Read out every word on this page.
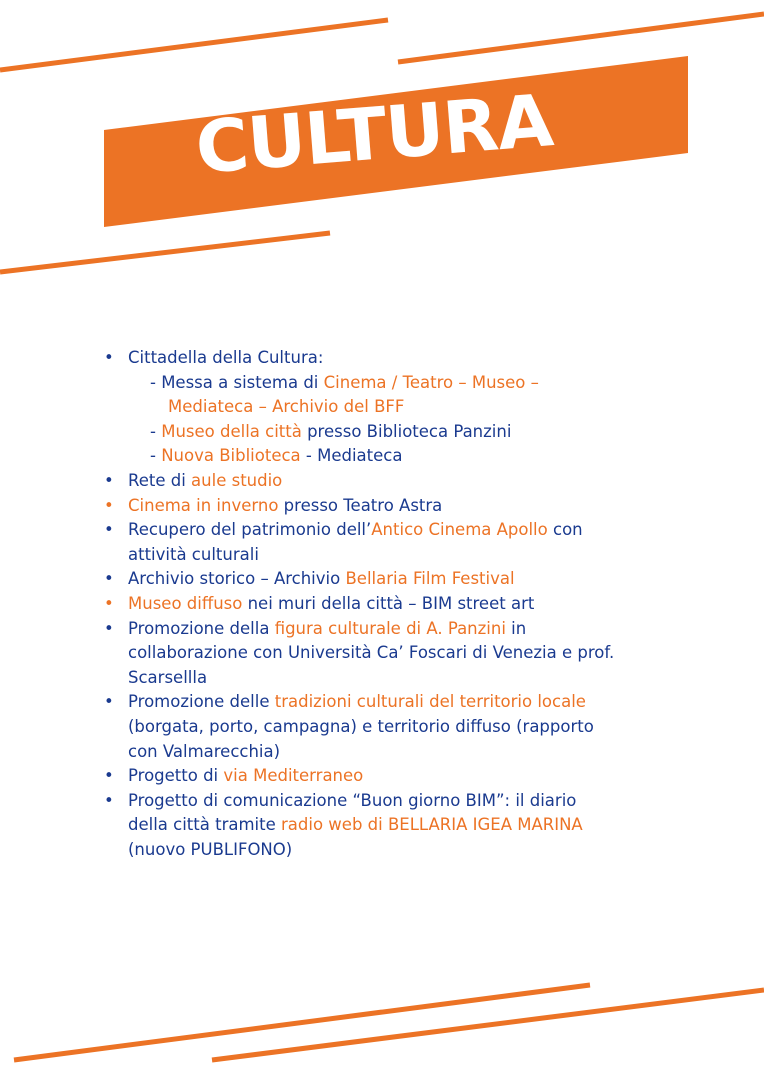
CULTURA
• Cittadella della Cultura:
- Messa a sistema di Cinema / Teatro – Museo –
Mediateca – Archivio del BFF
- Museo della città presso Biblioteca Panzini
- Nuova Biblioteca - Mediateca
• Rete di aule studio
• Cinema in inverno presso Teatro Astra
• Recupero del patrimonio dell’Antico Cinema Apollo con
attività culturali
• Archivio storico – Archivio Bellaria Film Festival
• Museo diffuso nei muri della città – BIM street art
• Promozione della figura culturale di A. Panzini in
collaborazione con Università Ca’ Foscari di Venezia e prof.
Scarsellla
• Promozione delle tradizioni culturali del territorio locale
(borgata, porto, campagna) e territorio diffuso (rapporto
con Valmarecchia)
• Progetto di via Mediterraneo
• Progetto di comunicazione “Buon giorno BIM”: il diario
della città tramite radio web di BELLARIA IGEA MARINA
(nuovo PUBLIFONO)
